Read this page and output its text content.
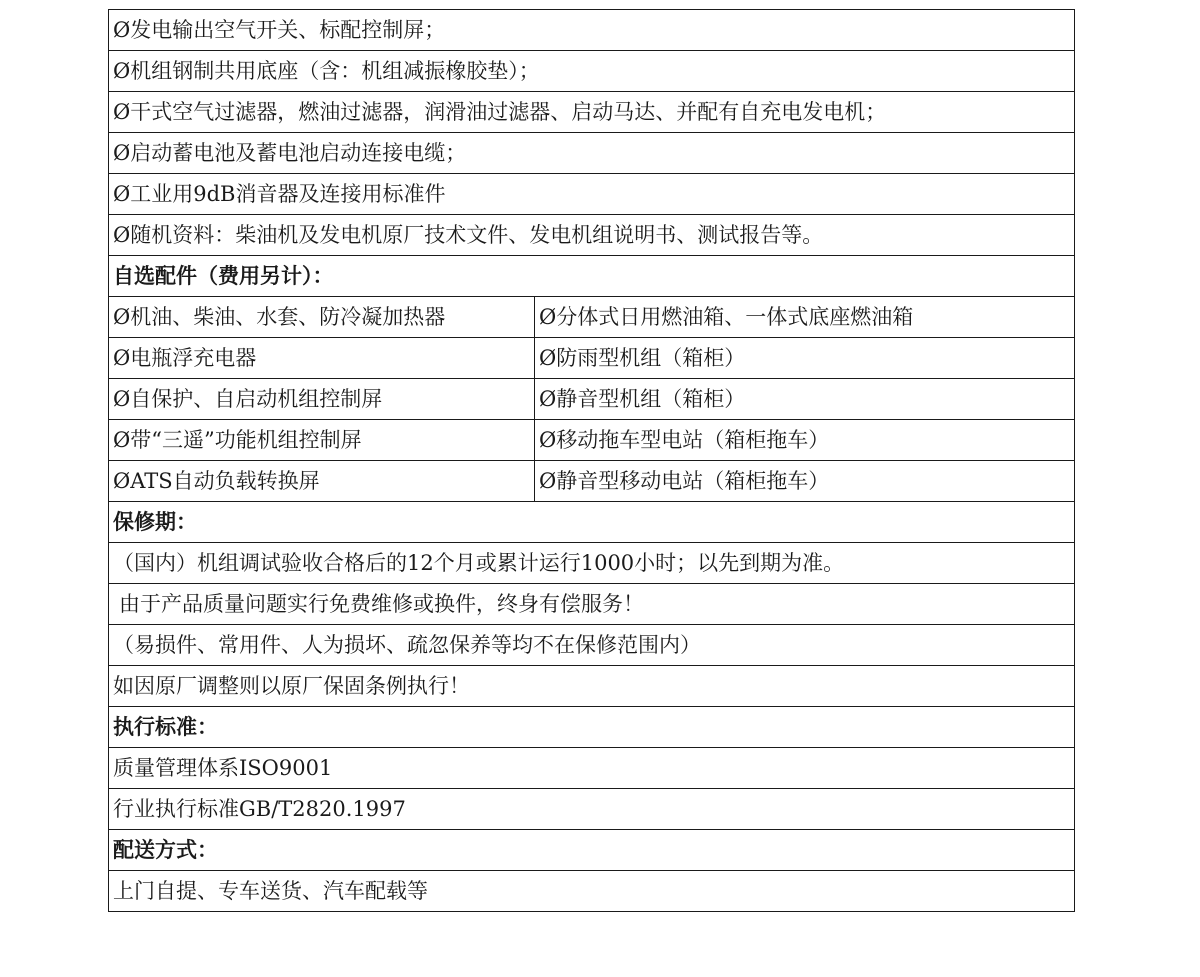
Ø发电输出空气开关、标配控制屏；	
Ø机组钢制共用底座（含：机组减振橡胶垫）；	
Ø干式空气过滤器，燃油过滤器，润滑油过滤器、启动马达、并配有自充电发电机；	
Ø启动蓄电池及蓄电池启动连接电缆；	
Ø工业用9dB消音器及连接用标准件	
Ø随机资料：柴油机及发电机原厂技术文件、发电机组说明书、测试报告等。	
自选配件（费用另计）：	
Ø机油、柴油、水套、防冷凝加热器	Ø分体式日用燃油箱、一体式底座燃油箱
Ø电瓶浮充电器	Ø防雨型机组（箱柜）
Ø自保护、自启动机组控制屏	Ø静音型机组（箱柜）
Ø带“三遥”功能机组控制屏	Ø移动拖车型电站（箱柜拖车）
ØATS自动负载转换屏	Ø静音型移动电站（箱柜拖车）
保修期：	
（国内）机组调试验收合格后的12个月或累计运行1000小时；以先到期为准。	
由于产品质量问题实行免费维修或换件，终身有偿服务！	
（易损件、常用件、人为损坏、疏忽保养等均不在保修范围内）	
如因原厂调整则以原厂保固条例执行！	
执行标准：	
质量管理体系ISO9001	
行业执行标准GB/T2820.1997	
配送方式：	
上门自提、专车送货、汽车配载等	
